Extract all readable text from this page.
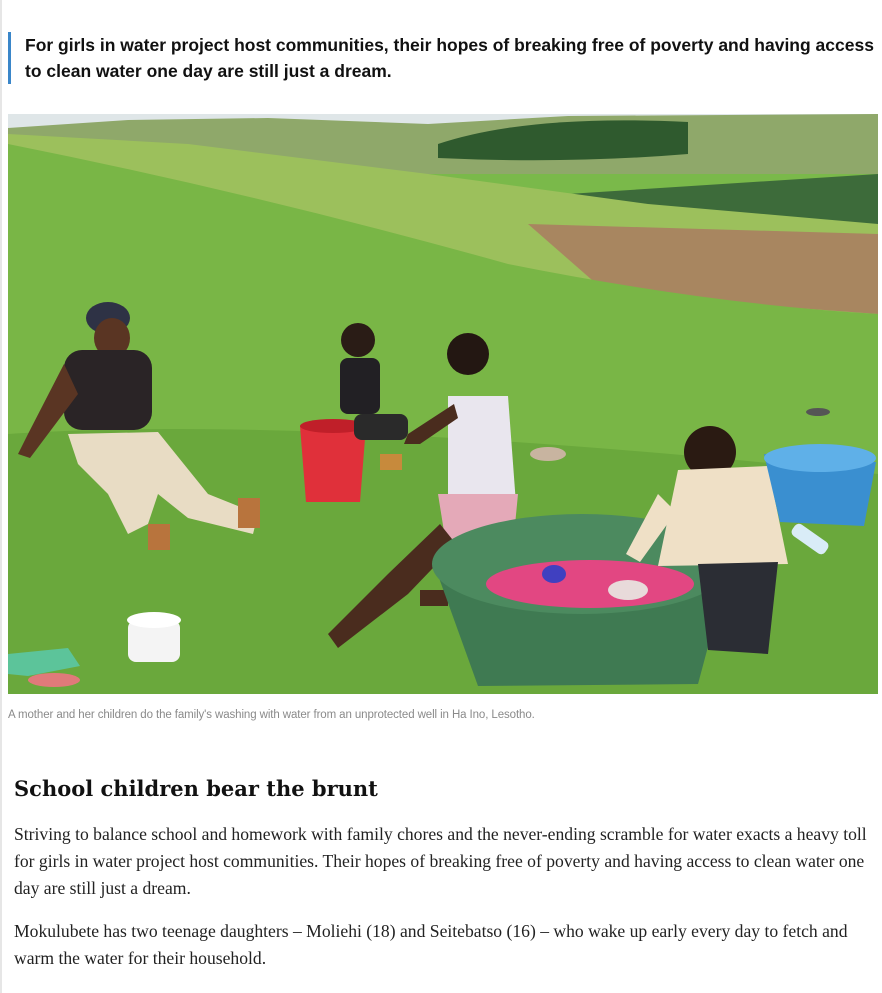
For girls in water project host communities, their hopes of breaking free of poverty and having access to clean water one day are still just a dream.
A mother and her children do the family's washing with water from an unprotected well in Ha Ino, Lesotho.
School children bear the brunt

Striving to balance school and homework with family chores and the never-ending scramble for water exacts a heavy toll for girls in water project host communities. Their hopes of breaking free of poverty and having access to clean water one day are still just a dream.

Mokulubete has two teenage daughters – Moliehi (18) and Seitebatso (16) – who wake up early every day to fetch and warm the water for their household.
